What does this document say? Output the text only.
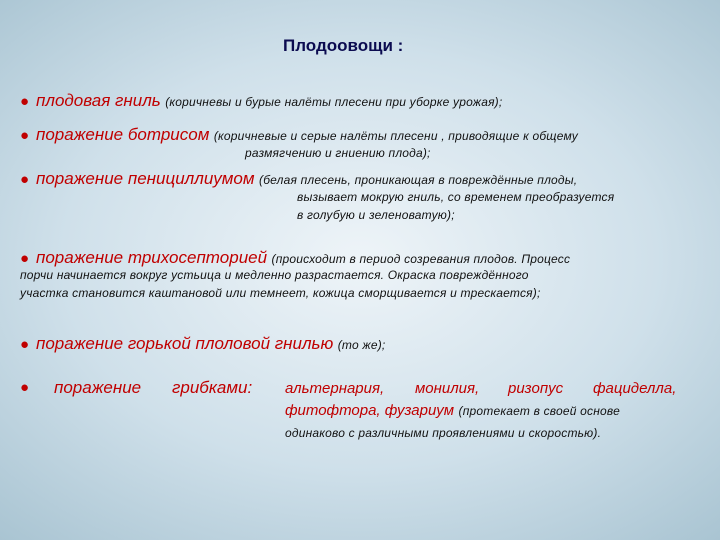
Плодоовощи :
● плодовая гниль (коричневы и бурые налёты плесени при уборке урожая);
● поражение ботрисом (коричневые и серые налёты плесени , приводящие к общему
размягчению и гниению плода);
● поражение пенициллиумом (белая плесень, проникающая в повреждённые плоды,
вызывает мокрую гниль, со временем преобразуется
в голубую и зеленоватую);
● поражение трихосепторией (происходит в период созревания плодов. Процесс
порчи начинается вокруг устьица и медленно разрастается. Окраска повреждённого
участка становится каштановой или темнеет, кожица сморщивается и трескается);
● поражение горькой плоловой гнилью (то же);
●	поражение грибками: альтернария, монилия, ризопус фациделла,
фитофтора, фузариум (протекает в своей основе
одинаково с различными проявлениями и скоростью).
